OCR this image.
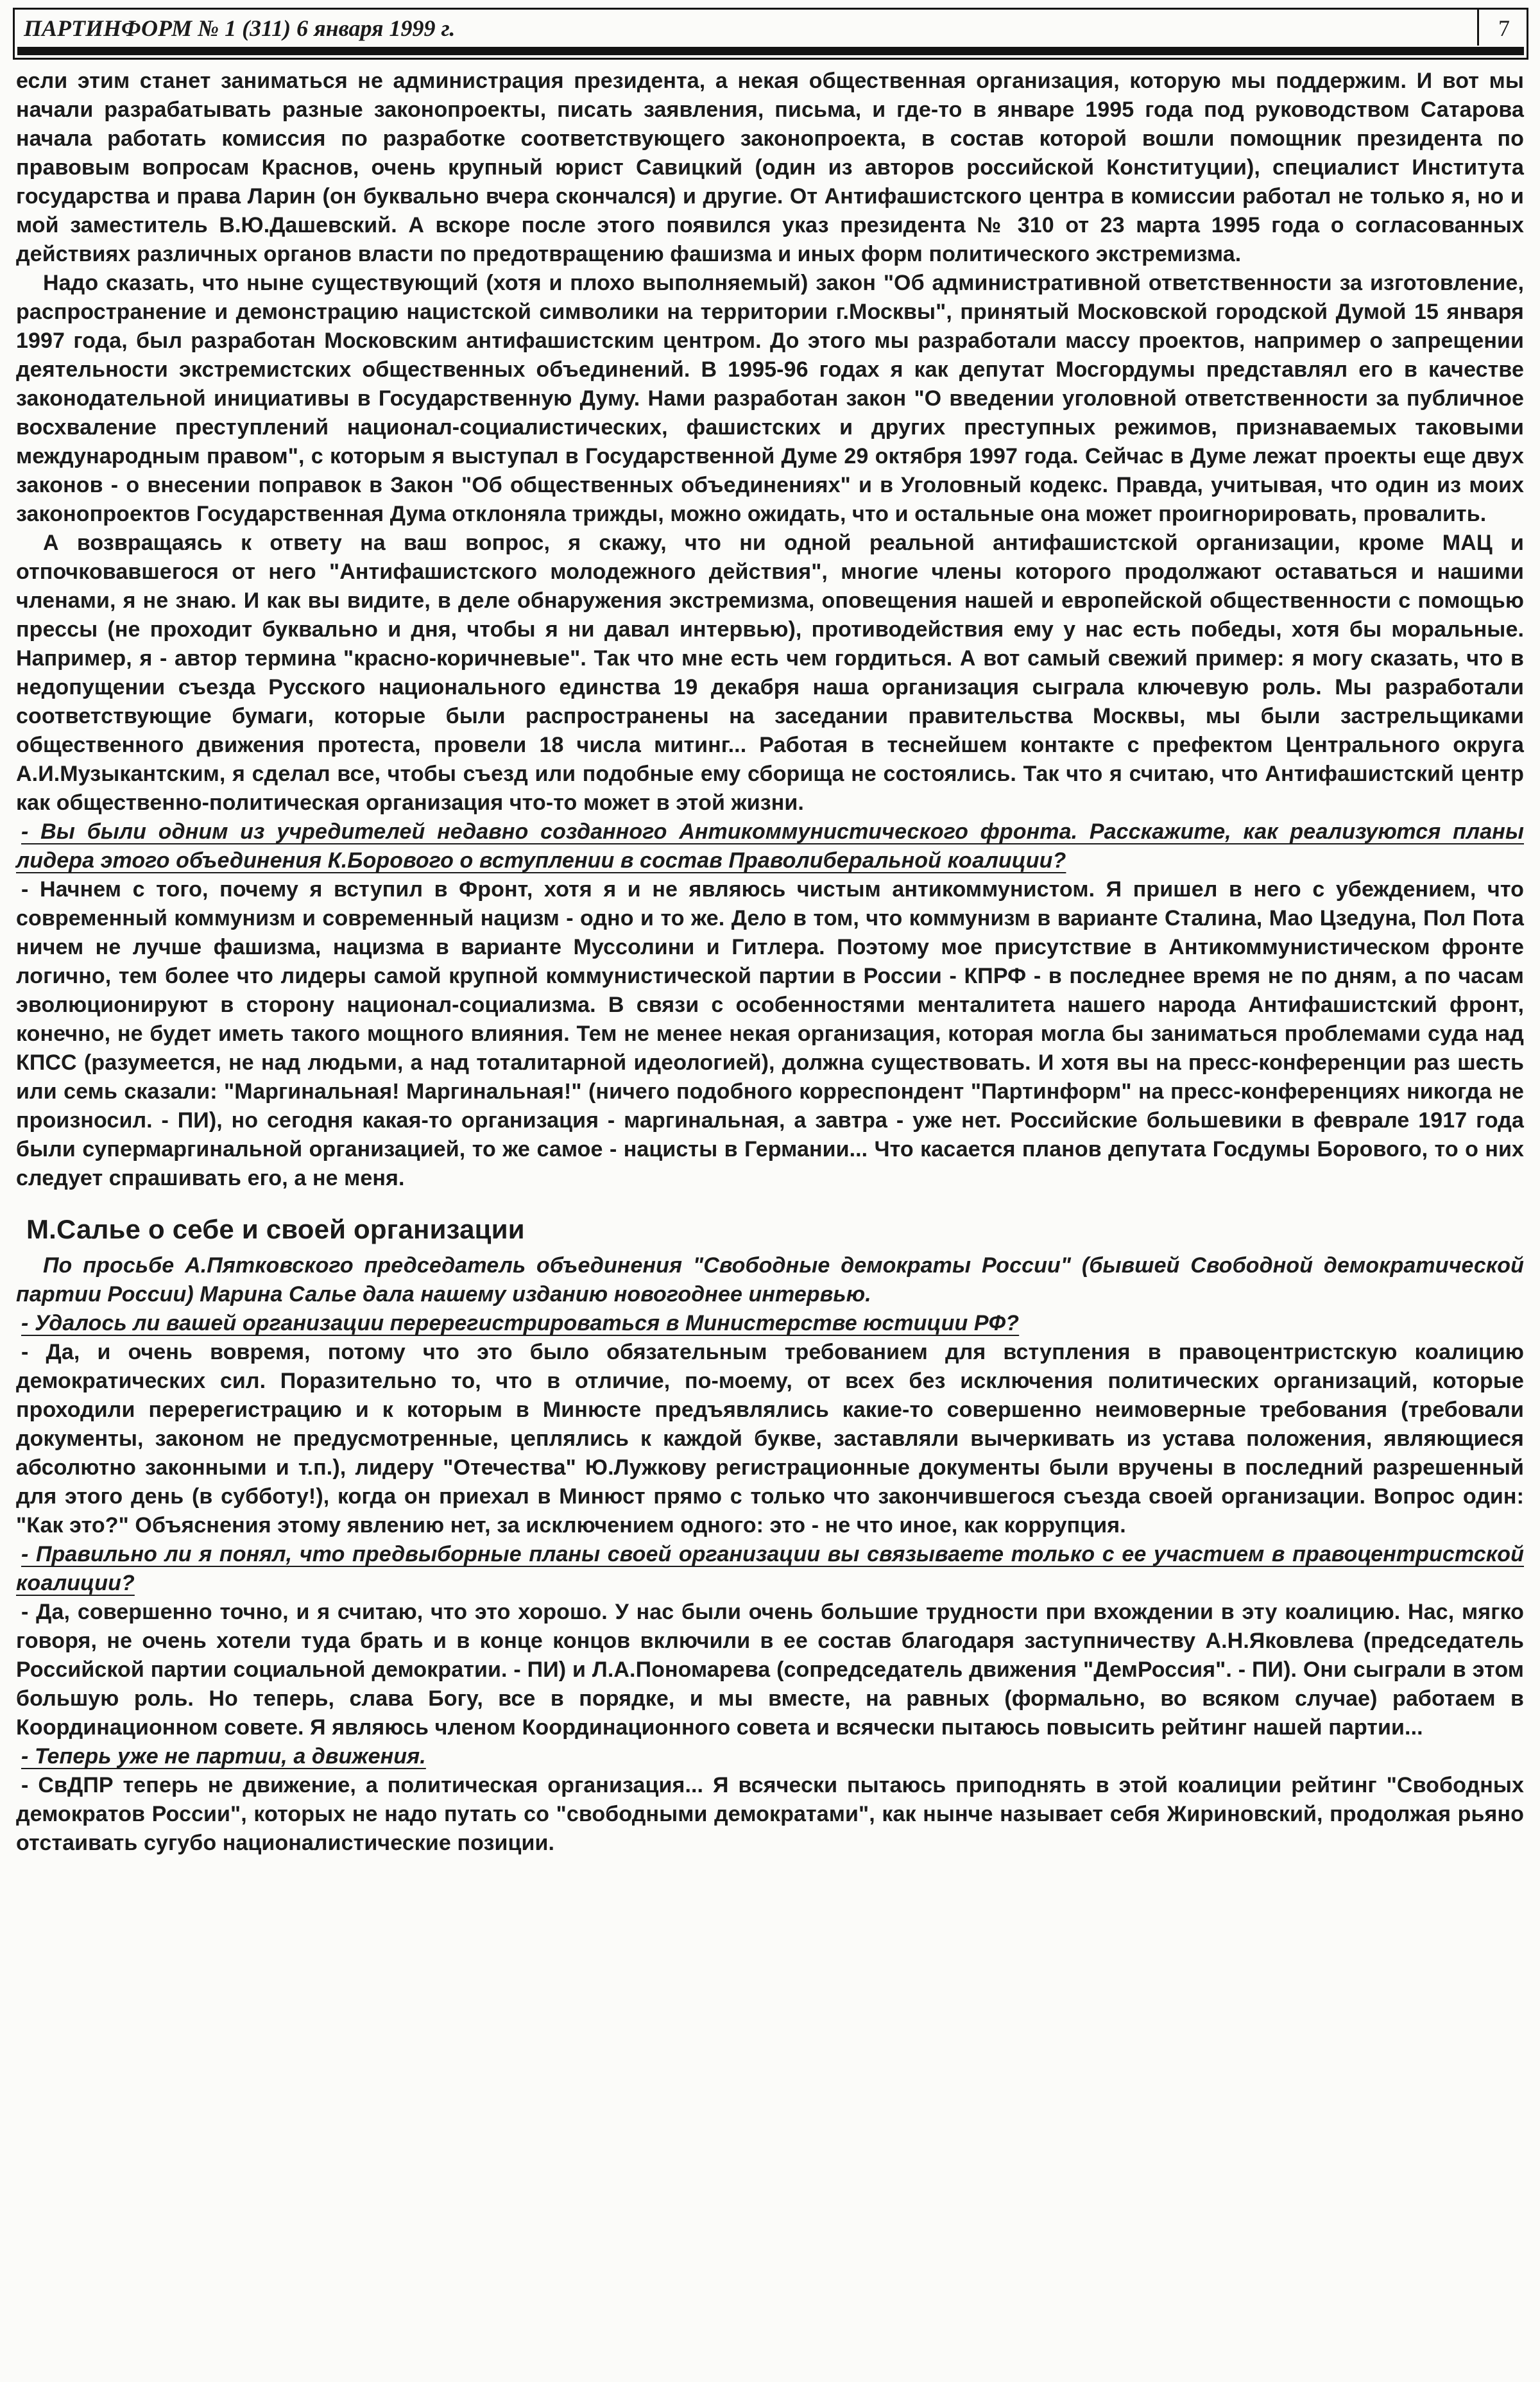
ПАРТИНФОРМ № 1 (311) 6 января 1999 г.	7

если этим станет заниматься не администрация президента, а некая общественная организация, которую мы поддержим. И вот мы начали разрабатывать разные законопроекты, писать заявления, письма, и где-то в январе 1995 года под руководством Сатарова начала работать комиссия по разработке соответствующего законопроекта, в состав которой вошли помощник президента по правовым вопросам Краснов, очень крупный юрист Савицкий (один из авторов российской Конституции), специалист Института государства и права Ларин (он буквально вчера скончался) и другие. От Антифашистского центра в комиссии работал не только я, но и мой заместитель В.Ю.Дашевский. А вскоре после этого появился указ президента № 310 от 23 марта 1995 года о согласованных действиях различных органов власти по предотвращению фашизма и иных форм политического экстремизма.

Надо сказать, что ныне существующий (хотя и плохо выполняемый) закон "Об административной ответственности за изготовление, распространение и демонстрацию нацистской символики на территории г.Москвы", принятый Московской городской Думой 15 января 1997 года, был разработан Московским антифашистским центром. До этого мы разработали массу проектов, например о запрещении деятельности экстремистских общественных объединений. В 1995-96 годах я как депутат Мосгордумы представлял его в качестве законодательной инициативы в Государственную Думу. Нами разработан закон "О введении уголовной ответственности за публичное восхваление преступлений национал-социалистических, фашистских и других преступных режимов, признаваемых таковыми международным правом", с которым я выступал в Государственной Думе 29 октября 1997 года. Сейчас в Думе лежат проекты еще двух законов - о внесении поправок в Закон "Об общественных объединениях" и в Уголовный кодекс. Правда, учитывая, что один из моих законопроектов Государственная Дума отклоняла трижды, можно ожидать, что и остальные она может проигнорировать, провалить.

А возвращаясь к ответу на ваш вопрос, я скажу, что ни одной реальной антифашистской организации, кроме МАЦ и отпочковавшегося от него "Антифашистского молодежного действия", многие члены которого продолжают оставаться и нашими членами, я не знаю. И как вы видите, в деле обнаружения экстремизма, оповещения нашей и европейской общественности с помощью прессы (не проходит буквально и дня, чтобы я ни давал интервью), противодействия ему у нас есть победы, хотя бы моральные. Например, я - автор термина "красно-коричневые". Так что мне есть чем гордиться. А вот самый свежий пример: я могу сказать, что в недопущении съезда Русского национального единства 19 декабря наша организация сыграла ключевую роль. Мы разработали соответствующие бумаги, которые были распространены на заседании правительства Москвы, мы были застрельщиками общественного движения протеста, провели 18 числа митинг... Работая в теснейшем контакте с префектом Центрального округа А.И.Музыкантским, я сделал все, чтобы съезд или подобные ему сборища не состоялись. Так что я считаю, что Антифашистский центр как общественно-политическая организация что-то может в этой жизни.

- Вы были одним из учредителей недавно созданного Антикоммунистического фронта. Расскажите, как реализуются планы лидера этого объединения К.Борового о вступлении в состав Праволиберальной коалиции?

- Начнем с того, почему я вступил в Фронт, хотя я и не являюсь чистым антикоммунистом. Я пришел в него с убеждением, что современный коммунизм и современный нацизм - одно и то же. Дело в том, что коммунизм в варианте Сталина, Мао Цзедуна, Пол Пота ничем не лучше фашизма, нацизма в варианте Муссолини и Гитлера. Поэтому мое присутствие в Антикоммунистическом фронте логично, тем более что лидеры самой крупной коммунистической партии в России - КПРФ - в последнее время не по дням, а по часам эволюционируют в сторону национал-социализма. В связи с особенностями менталитета нашего народа Антифашистский фронт, конечно, не будет иметь такого мощного влияния. Тем не менее некая организация, которая могла бы заниматься проблемами суда над КПСС (разумеется, не над людьми, а над тоталитарной идеологией), должна существовать. И хотя вы на пресс-конференции раз шесть или семь сказали: "Маргинальная! Маргинальная!" (ничего подобного корреспондент "Партинформ" на пресс-конференциях никогда не произносил. - ПИ), но сегодня какая-то организация - маргинальная, а завтра - уже нет. Российские большевики в феврале 1917 года были супермаргинальной организацией, то же самое - нацисты в Германии... Что касается планов депутата Госдумы Борового, то о них следует спрашивать его, а не меня.

М.Салье о себе и своей организации

По просьбе А.Пятковского председатель объединения "Свободные демократы России" (бывшей Свободной демократической партии России) Марина Салье дала нашему изданию новогоднее интервью.

- Удалось ли вашей организации перерегистрироваться в Министерстве юстиции РФ?

- Да, и очень вовремя, потому что это было обязательным требованием для вступления в правоцентристскую коалицию демократических сил. Поразительно то, что в отличие, по-моему, от всех без исключения политических организаций, которые проходили перерегистрацию и к которым в Минюсте предъявлялись какие-то совершенно неимоверные требования (требовали документы, законом не предусмотренные, цеплялись к каждой букве, заставляли вычеркивать из устава положения, являющиеся абсолютно законными и т.п.), лидеру "Отечества" Ю.Лужкову регистрационные документы были вручены в последний разрешенный для этого день (в субботу!), когда он приехал в Минюст прямо с только что закончившегося съезда своей организации. Вопрос один: "Как это?" Объяснения этому явлению нет, за исключением одного: это - не что иное, как коррупция.

- Правильно ли я понял, что предвыборные планы своей организации вы связываете только с ее участием в правоцентристской коалиции?

- Да, совершенно точно, и я считаю, что это хорошо. У нас были очень большие трудности при вхождении в эту коалицию. Нас, мягко говоря, не очень хотели туда брать и в конце концов включили в ее состав благодаря заступничеству А.Н.Яковлева (председатель Российской партии социальной демократии. - ПИ) и Л.А.Пономарева (сопредседатель движения "ДемРоссия". - ПИ). Они сыграли в этом большую роль. Но теперь, слава Богу, все в порядке, и мы вместе, на равных (формально, во всяком случае) работаем в Координационном совете. Я являюсь членом Координационного совета и всячески пытаюсь повысить рейтинг нашей партии...

- Теперь уже не партии, а движения.

- СвДПР теперь не движение, а политическая организация... Я всячески пытаюсь приподнять в этой коалиции рейтинг "Свободных демократов России", которых не надо путать со "свободными демократами", как нынче называет себя Жириновский, продолжая рьяно отстаивать сугубо националистические позиции.
